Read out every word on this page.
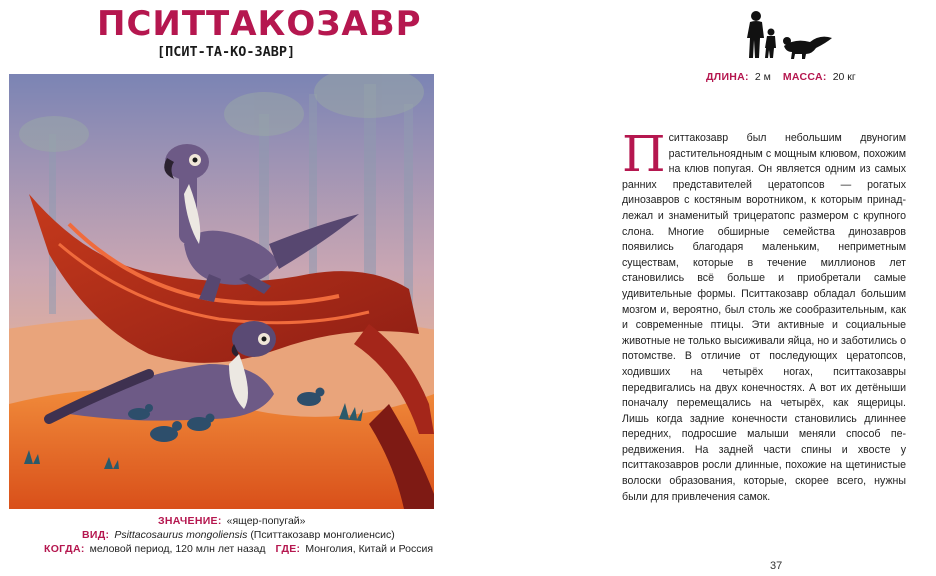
ПСИТТАКОЗАВР
[ПСИТ-ТА-КО-ЗАВР]
ЗНАЧЕНИЕ: «ящер-попугай»
ВИД: Psittacosaurus mongoliensis (Пситтакозавр монголиенсис)
КОГДА: меловой период, 120 млн лет назад ГДЕ: Монголия, Китай и Россия
ДЛИНА: 2 м МАССА: 20 кг
Пситтакозавр был небольшим двуногим растительноядным с мощным клювом, похожим на клюв попугая. Он является одним из самых ранних представителей цератопсов — рогатых динозавров с костяным воротником, к которым принадлежал и знаменитый трицератопс размером с крупного слона. Многие обширные семейства динозавров появились благодаря маленьким, неприметным существам, которые в течение миллионов лет становились всё больше и приобретали самые удивительные формы. Пситтакозавр обладал большим мозгом и, вероятно, был столь же сообразительным, как и современные птицы. Эти активные и социальные животные не только высиживали яйца, но и заботились о потомстве. В отличие от последующих цератопсов, ходивших на четырёх ногах, пситтакозавры передвигались на двух конечностях. А вот их детёныши поначалу перемещались на четырёх, как ящерицы. Лишь когда задние конечности становились длиннее передних, подросшие малыши меняли способ передвижения. На задней части спины и хвосте у пситтакозавров росли длинные, похожие на щетинистые волоски образования, которые, скорее всего, нужны были для привлечения самок.
37
